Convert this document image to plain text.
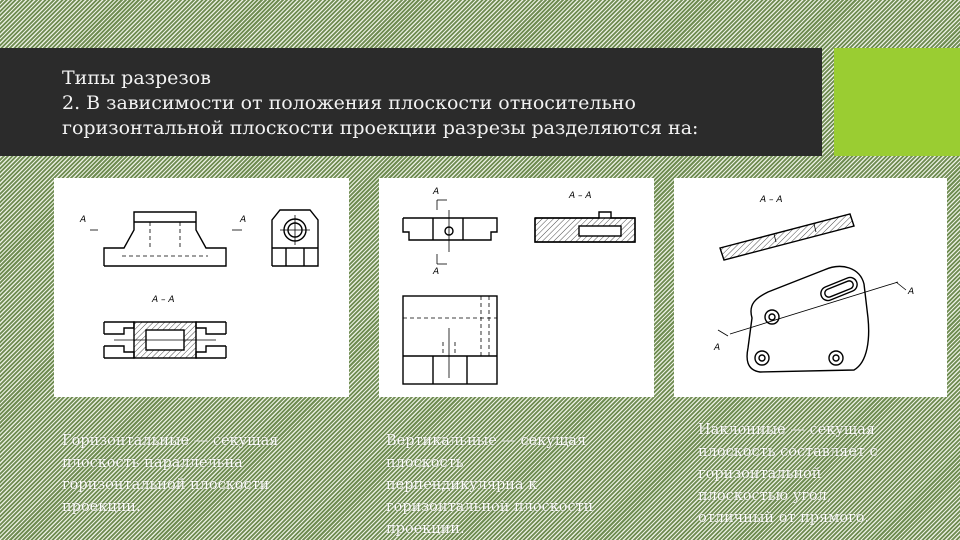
Типы разрезов
2. В зависимости от положения плоскости относительно
горизонтальной плоскости проекции разрезы разделяются на:
A	A
A – A
A
A
A – A	A – A
A
A
Горизонтальные — секущая
плоскость параллельна
горизонтальной плоскости
проекции.
Вертикальные — секущая
плоскость
перпендикулярна к
горизонтальной плоскости
проекции.
Наклонные — секущая
плоскость составляет с
горизонтальной
плоскостью угол,
отличный от прямого.
